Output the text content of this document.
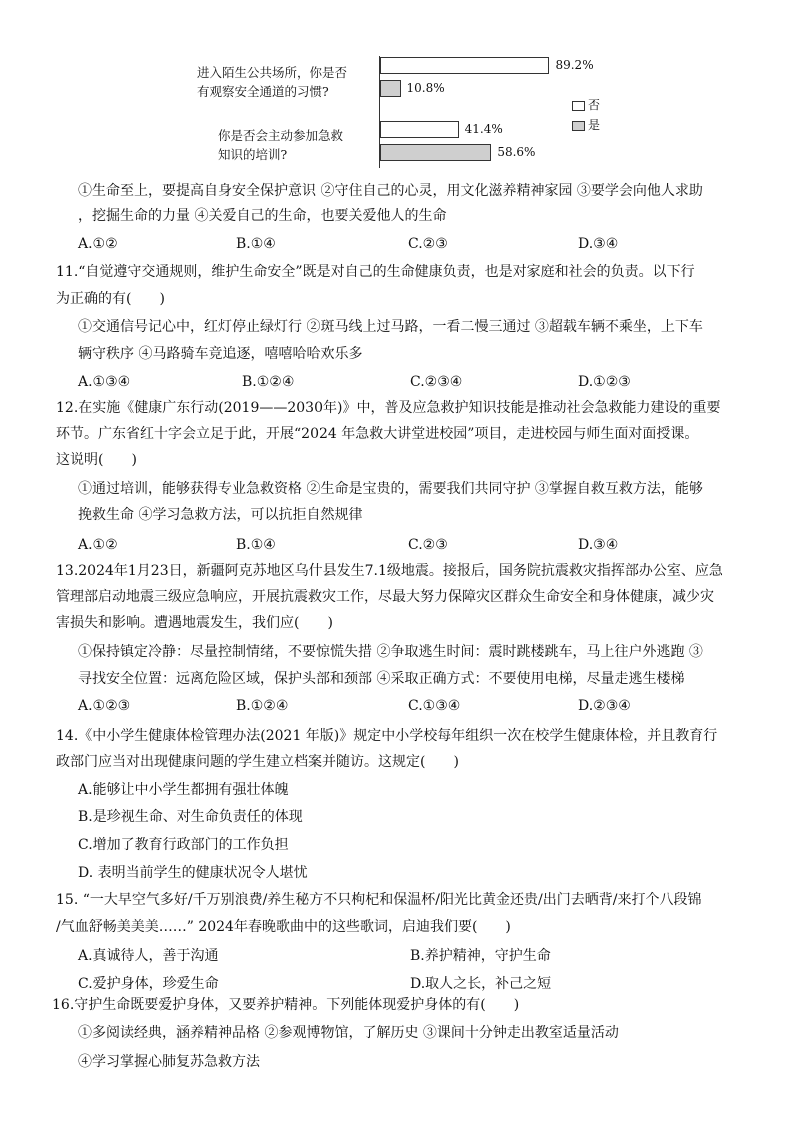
进入陌生公共场所，你是否
有观察安全通道的习惯?
你是否会主动参加急救
知识的培训?
89.2%
10.8%
41.4%
58.6%
否
是
①生命至上，要提高自身安全保护意识 ②守住自己的心灵，用文化滋养精神家园 ③要学会向他人求助
，挖掘生命的力量 ④关爱自己的生命，也要关爱他人的生命
A.①②	B.①④	C.②③	D.③④
11.“自觉遵守交通规则，维护生命安全”既是对自己的生命健康负责，也是对家庭和社会的负责。以下行
为正确的有(　　)
①交通信号记心中，红灯停止绿灯行 ②斑马线上过马路，一看二慢三通过 ③超载车辆不乘坐，上下车
辆守秩序 ④马路骑车竞追逐，嘻嘻哈哈欢乐多
A.①③④	B.①②④	C.②③④	D.①②③
12.在实施《健康广东行动(2019——2030年)》中，普及应急救护知识技能是推动社会急救能力建设的重要
环节。广东省红十字会立足于此，开展“2024 年急救大讲堂进校园”项目，走进校园与师生面对面授课。
这说明(　　)
①通过培训，能够获得专业急救资格 ②生命是宝贵的，需要我们共同守护 ③掌握自救互救方法，能够
挽救生命 ④学习急救方法，可以抗拒自然规律
A.①②	B.①④	C.②③	D.③④
13.2024年1月23日，新疆阿克苏地区乌什县发生7.1级地震。接报后，国务院抗震救灾指挥部办公室、应急
管理部启动地震三级应急响应，开展抗震救灾工作，尽最大努力保障灾区群众生命安全和身体健康，减少灾
害损失和影响。遭遇地震发生，我们应(　　)
①保持镇定冷静：尽量控制情绪，不要惊慌失措 ②争取逃生时间：震时跳楼跳车，马上往户外逃跑 ③
寻找安全位置：远离危险区域，保护头部和颈部 ④采取正确方式：不要使用电梯，尽量走逃生楼梯
A.①②③	B.①②④	C.①③④	D.②③④
14.《中小学生健康体检管理办法(2021 年版)》规定中小学校每年组织一次在校学生健康体检，并且教育行
政部门应当对出现健康问题的学生建立档案并随访。这规定(　　)
A.能够让中小学生都拥有强壮体魄
B.是珍视生命、对生命负责任的体现
C.增加了教育行政部门的工作负担
D. 表明当前学生的健康状况令人堪忧
15. “一大早空气多好/千万别浪费/养生秘方不只枸杞和保温杯/阳光比黄金还贵/出门去晒背/来打个八段锦
/气血舒畅美美美……” 2024年春晚歌曲中的这些歌词，启迪我们要(　　)
A.真诚待人，善于沟通	B.养护精神，守护生命
C.爱护身体，珍爱生命	D.取人之长，补己之短
16.守护生命既要爱护身体，又要养护精神。下列能体现爱护身体的有(　　)
①多阅读经典，涵养精神品格 ②参观博物馆，了解历史 ③课间十分钟走出教室适量活动
④学习掌握心肺复苏急救方法
